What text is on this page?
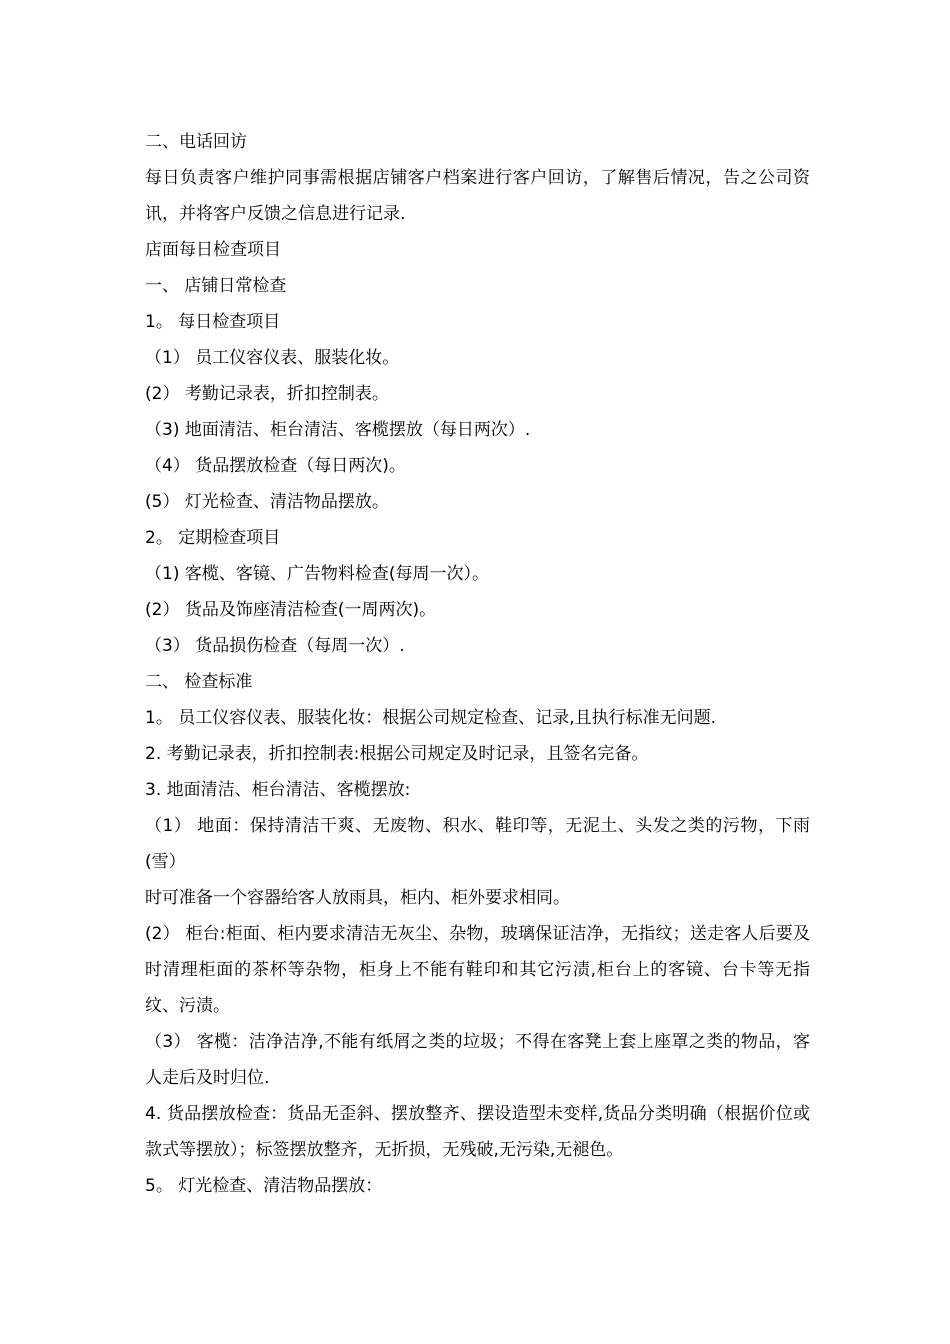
二、电话回访
每日负责客户维护同事需根据店铺客户档案进行客户回访，了解售后情况，告之公司资讯，并将客户反馈之信息进行记录.
店面每日检查项目
一、 店铺日常检查
1。 每日检查项目
（1） 员工仪容仪表、服装化妆。
(2） 考勤记录表，折扣控制表。
（3) 地面清洁、柜台清洁、客榄摆放（每日两次）.
（4） 货品摆放检查（每日两次)。
(5） 灯光检查、清洁物品摆放。
2。 定期检查项目
（1) 客榄、客镜、广告物料检查(每周一次）。
(2） 货品及饰座清洁检查(一周两次)。
（3） 货品损伤检查（每周一次）.
二、 检查标准
1。 员工仪容仪表、服装化妆：根据公司规定检查、记录,且执行标准无问题.
2. 考勤记录表，折扣控制表:根据公司规定及时记录，且签名完备。
3. 地面清洁、柜台清洁、客榄摆放:
（1） 地面：保持清洁干爽、无废物、积水、鞋印等，无泥土、头发之类的污物，下雨(雪）
时可准备一个容器给客人放雨具，柜内、柜外要求相同。
(2） 柜台:柜面、柜内要求清洁无灰尘、杂物，玻璃保证洁净，无指纹；送走客人后要及时清理柜面的茶杯等杂物，柜身上不能有鞋印和其它污渍,柜台上的客镜、台卡等无指纹、污渍。
（3） 客榄：洁净洁净,不能有纸屑之类的垃圾；不得在客凳上套上座罩之类的物品，客人走后及时归位.
4. 货品摆放检查：货品无歪斜、摆放整齐、摆设造型未变样,货品分类明确（根据价位或款式等摆放）；标签摆放整齐，无折损，无残破,无污染,无褪色。
5。 灯光检查、清洁物品摆放：
